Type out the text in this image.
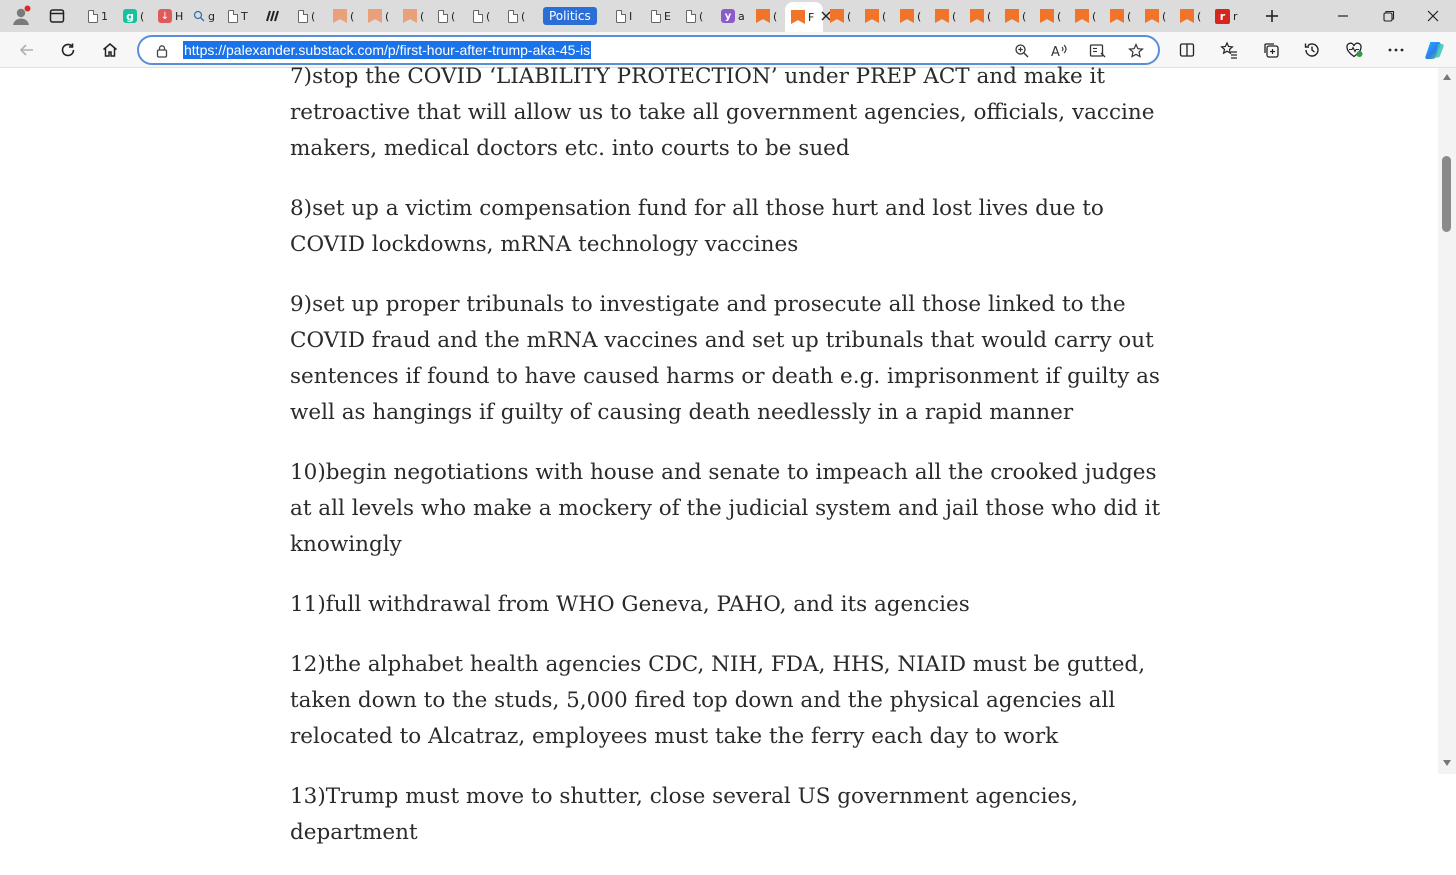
1 g ( ↓ H g T	(	(	(	( (	(	(	Politics	I	E	(	y a	(	F	(	(	(	(	(	(	(	(	(	(	(	r r
https://palexander.substack.com/p/first-hour-after-trump-aka-45-is	A

7)stop the COVID ‘LIABILITY PROTECTION’ under PREP ACT and make it retroactive that will allow us to take all government agencies, officials, vaccine makers, medical doctors etc. into courts to be sued

8)set up a victim compensation fund for all those hurt and lost lives due to COVID lockdowns, mRNA technology vaccines

9)set up proper tribunals to investigate and prosecute all those linked to the COVID fraud and the mRNA vaccines and set up tribunals that would carry out sentences if found to have caused harms or death e.g. imprisonment if guilty as well as hangings if guilty of causing death needlessly in a rapid manner

10)begin negotiations with house and senate to impeach all the crooked judges at all levels who make a mockery of the judicial system and jail those who did it knowingly

11)full withdrawal from WHO Geneva, PAHO, and its agencies

12)the alphabet health agencies CDC, NIH, FDA, HHS, NIAID must be gutted, taken down to the studs, 5,000 fired top down and the physical agencies all relocated to Alcatraz, employees must take the ferry each day to work

13)Trump must move to shutter, close several US government agencies, department
